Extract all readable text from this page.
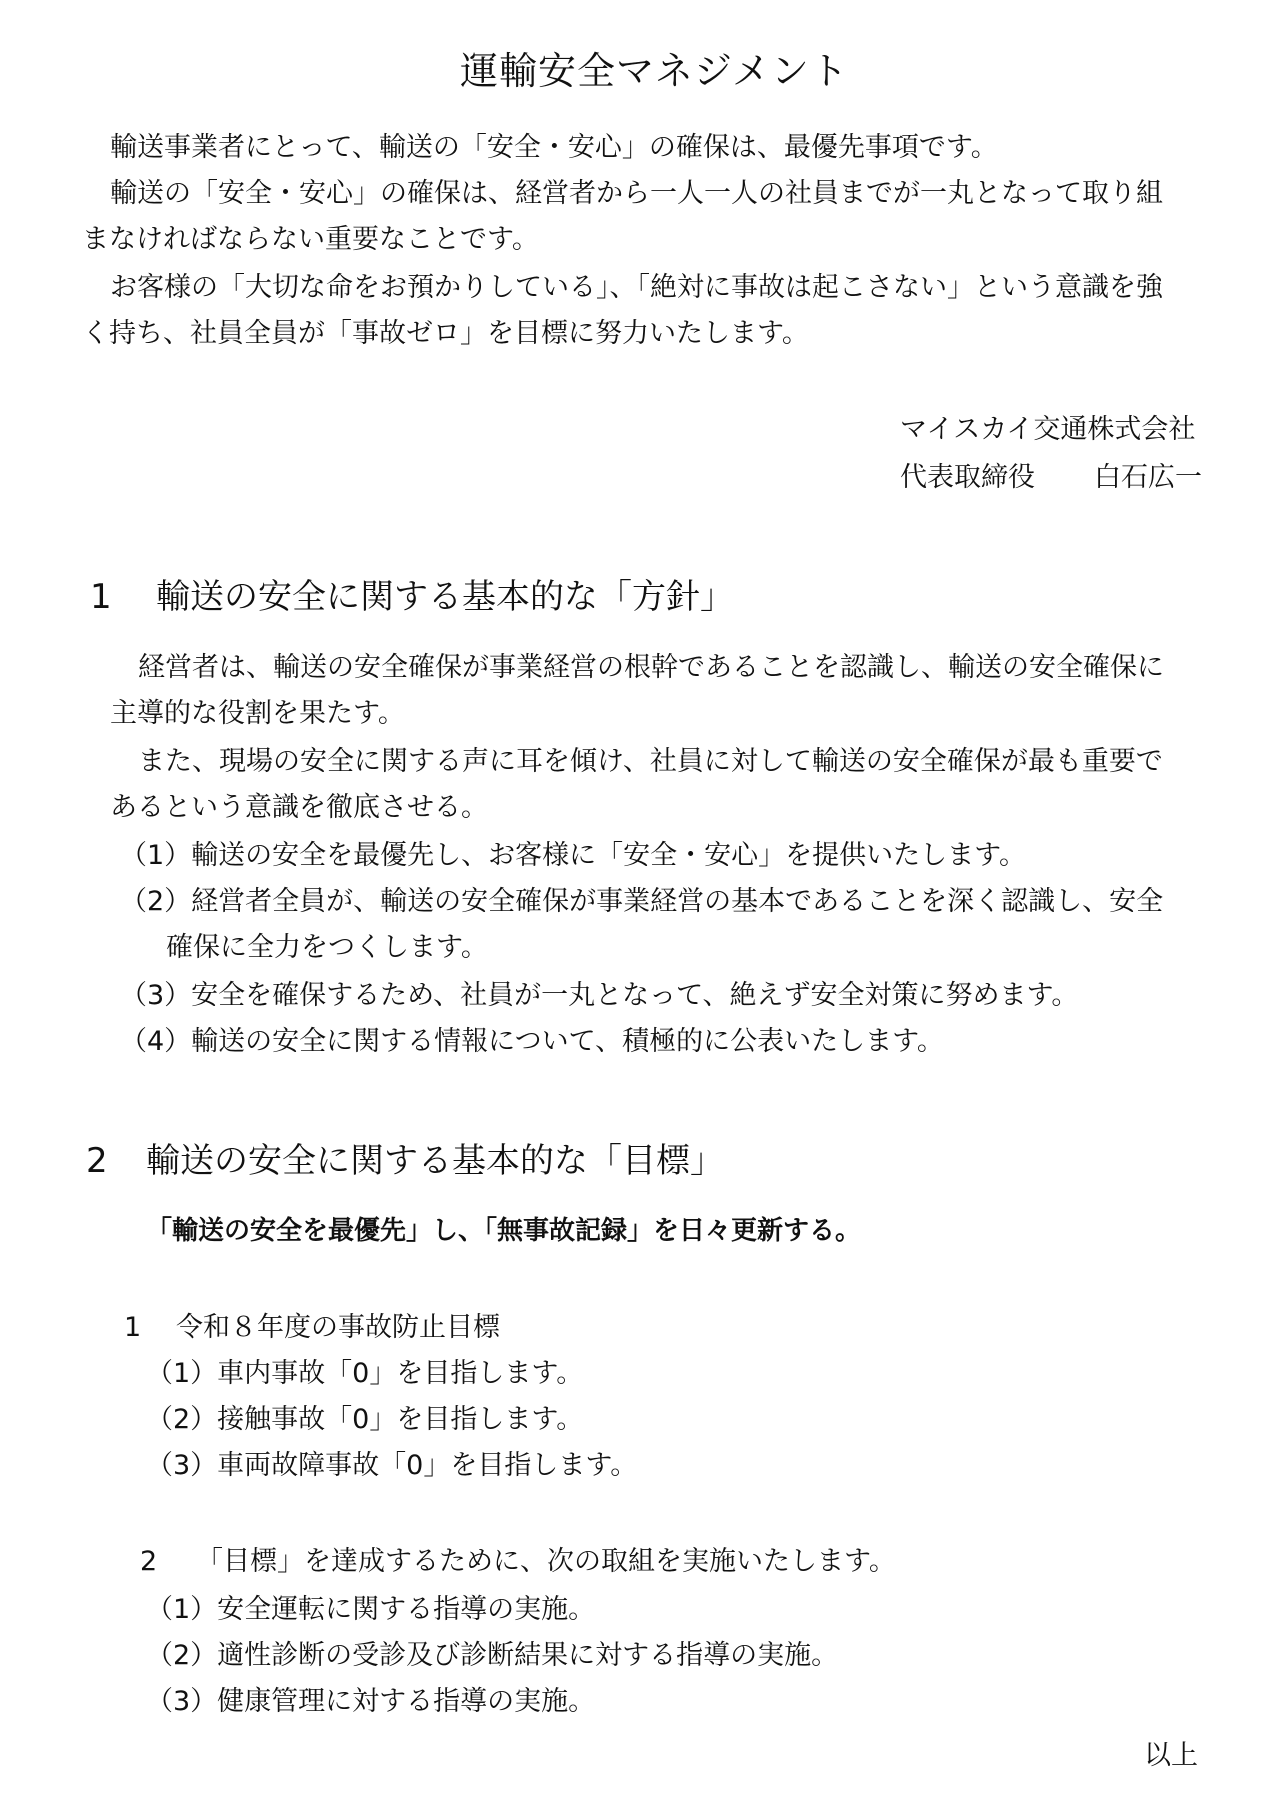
運輸安全マネジメント
輸送事業者にとって、輸送の「安全・安心」の確保は、最優先事項です。
輸送の「安全・安心」の確保は、経営者から一人一人の社員までが一丸となって取り組
まなければならない重要なことです。
お客様の「大切な命をお預かりしている」、「絶対に事故は起こさない」という意識を強
く持ち、社員全員が「事故ゼロ」を目標に努力いたします。
マイスカイ交通株式会社
代表取締役 白石広一
1 輸送の安全に関する基本的な「方針」
経営者は、輸送の安全確保が事業経営の根幹であることを認識し、輸送の安全確保に
主導的な役割を果たす。
また、現場の安全に関する声に耳を傾け、社員に対して輸送の安全確保が最も重要で
あるという意識を徹底させる。
（1）輸送の安全を最優先し、お客様に「安全・安心」を提供いたします。
（2）経営者全員が、輸送の安全確保が事業経営の基本であることを深く認識し、安全
確保に全力をつくします。
（3）安全を確保するため、社員が一丸となって、絶えず安全対策に努めます。
（4）輸送の安全に関する情報について、積極的に公表いたします。
2 輸送の安全に関する基本的な「目標」
「輸送の安全を最優先」し、「無事故記録」を日々更新する。
1 令和８年度の事故防止目標
（1）車内事故「0」を目指します。
（2）接触事故「0」を目指します。
（3）車両故障事故「0」を目指します。
2 「目標」を達成するために、次の取組を実施いたします。
（1）安全運転に関する指導の実施。
（2）適性診断の受診及び診断結果に対する指導の実施。
（3）健康管理に対する指導の実施。
以上
